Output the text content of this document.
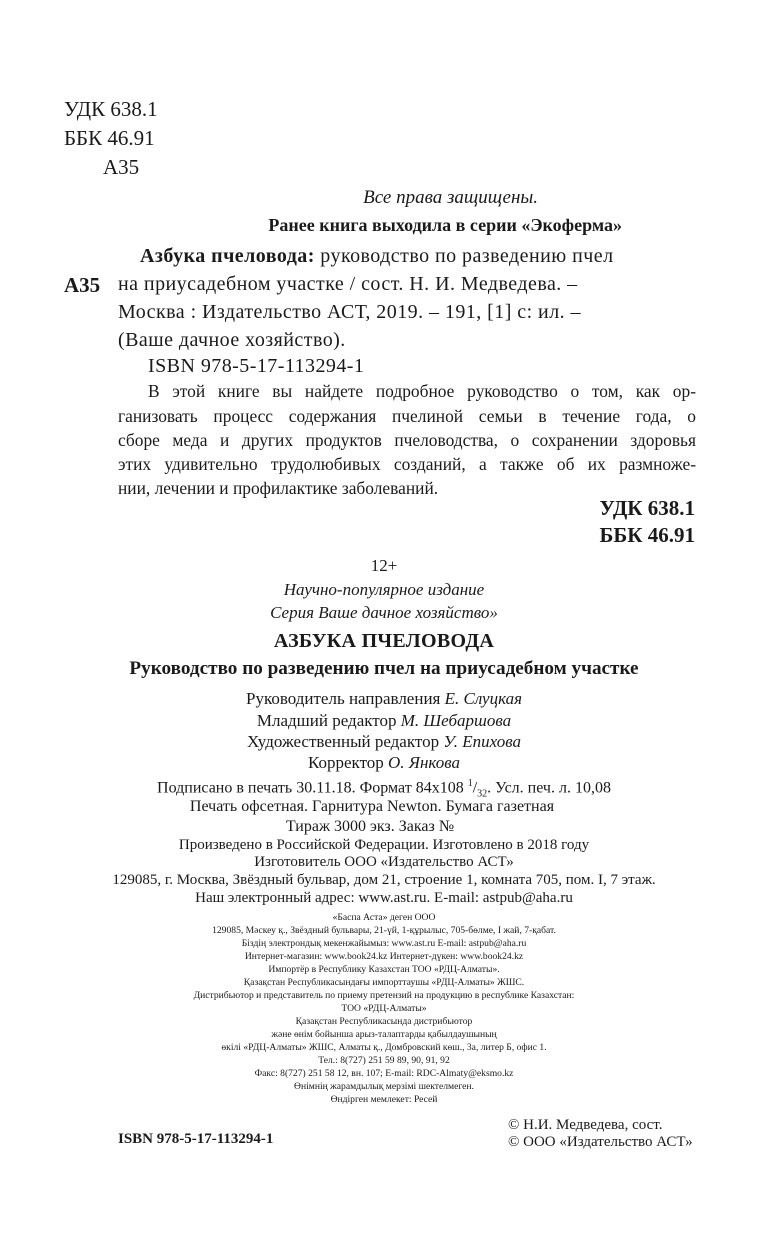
УДК 638.1
ББК 46.91
А35
Все права защищены.
Ранее книга выходила в серии «Экоферма»
Азбука пчеловода: руководство по разведению пчел
А35 на приусадебном участке / сост. Н. И. Медведева. –
Москва : Издательство АСТ, 2019. – 191, [1] с: ил. –
(Ваше дачное хозяйство).
ISBN 978-5-17-113294-1
В этой книге вы найдете подробное руководство о том, как ор-
ганизовать процесс содержания пчелиной семьи в течение года, о
сборе меда и других продуктов пчеловодства, о сохранении здоровья
этих удивительно трудолюбивых созданий, а также об их размноже-
нии, лечении и профилактике заболеваний.
УДК 638.1
ББК 46.91
12+
Научно-популярное издание
Серия Ваше дачное хозяйство»
АЗБУКА ПЧЕЛОВОДА
Руководство по разведению пчел на приусадебном участке
Руководитель направления Е. Слуцкая
Младший редактор М. Шебаршова
Художественный редактор У. Епихова
Корректор О. Янкова
Подписано в печать 30.11.18. Формат 84х108 $^1/_{32}$. Усл. печ. л. 10,08
Печать офсетная. Гарнитура Newton. Бумага газетная
Тираж 3000 экз. Заказ №
Произведено в Российской Федерации. Изготовлено в 2018 году
Изготовитель ООО «Издательство АСТ»
129085, г. Москва, Звёздный бульвар, дом 21, строение 1, комната 705, пом. I, 7 этаж.
Наш электронный адрес: www.ast.ru. E-mail: astpub@aha.ru
«Баспа Аста» деген ООО
129085, Мәскеу қ., Звёздный бульвары, 21-үй, 1-құрылыс, 705-бөлме, I жай, 7-қабат.
Біздің электрондық мекенжайымыз: www.ast.ru E-mail: astpub@aha.ru
Интернет-магазин: www.book24.kz Интернет-дүкен: www.book24.kz
Импортёр в Республику Казахстан ТОО «РДЦ-Алматы».
Қазақстан Республикасындағы импорттаушы «РДЦ-Алматы» ЖШС.
Дистрибьютор и представитель по приему претензий на продукцию в республике Казахстан:
ТОО «РДЦ-Алматы»
Қазақстан Республикасында дистрибьютор
және өнім бойынша арыз-талаптарды қабылдаушының
өкілі «РДЦ-Алматы» ЖШС, Алматы қ., Домбровский көш., 3а, литер Б, офис 1.
Тел.: 8(727) 251 59 89, 90, 91, 92
Факс: 8(727) 251 58 12, вн. 107; E-mail: RDC-Almaty@eksmo.kz
Өнімнің жарамдылық мерзімі шектелмеген.
Өндірген мемлекет: Ресей
© Н.И. Медведева, сост.
ISBN 978-5-17-113294-1	© ООО «Издательство АСТ»
